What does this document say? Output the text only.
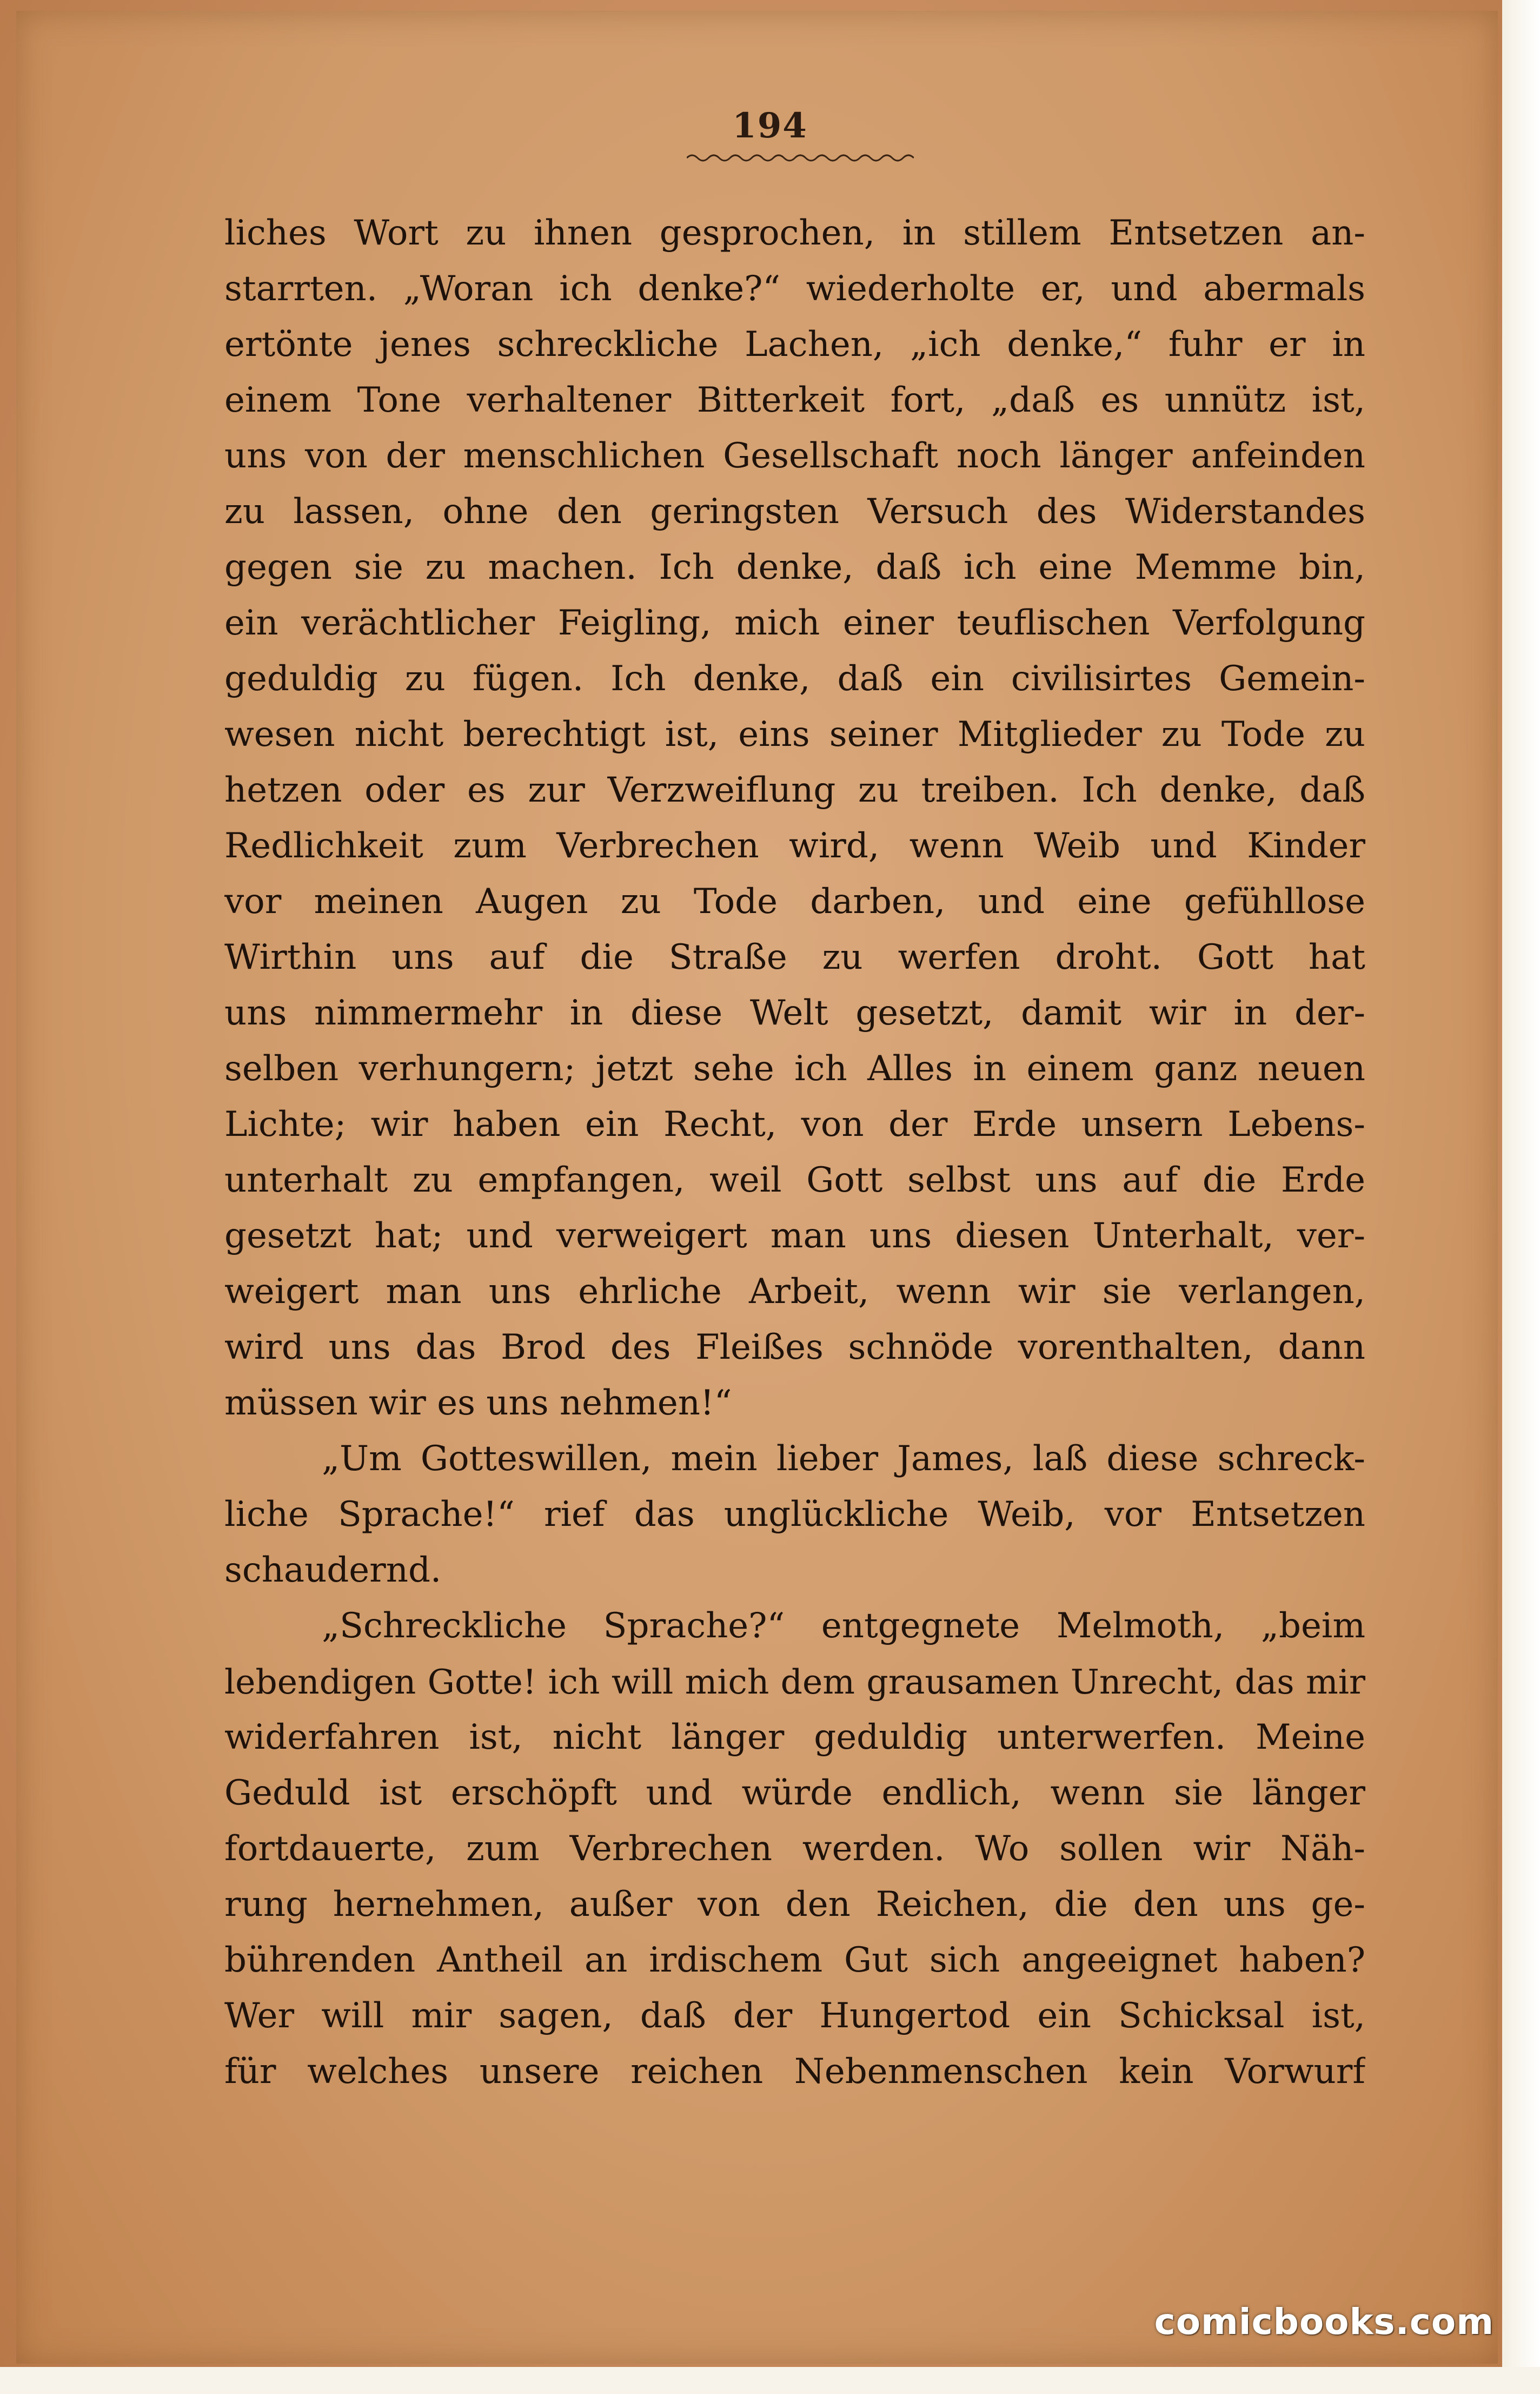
194
liches Wort zu ihnen gesprochen, in stillem Entsetzen an-
starrten. „Woran ich denke?“ wiederholte er, und abermals
ertönte jenes schreckliche Lachen, „ich denke,“ fuhr er in
einem Tone verhaltener Bitterkeit fort, „daß es unnütz ist,
uns von der menschlichen Gesellschaft noch länger anfeinden
zu lassen, ohne den geringsten Versuch des Widerstandes
gegen sie zu machen. Ich denke, daß ich eine Memme bin,
ein verächtlicher Feigling, mich einer teuflischen Verfolgung
geduldig zu fügen. Ich denke, daß ein civilisirtes Gemein-
wesen nicht berechtigt ist, eins seiner Mitglieder zu Tode zu
hetzen oder es zur Verzweiflung zu treiben. Ich denke, daß
Redlichkeit zum Verbrechen wird, wenn Weib und Kinder
vor meinen Augen zu Tode darben, und eine gefühllose
Wirthin uns auf die Straße zu werfen droht. Gott hat
uns nimmermehr in diese Welt gesetzt, damit wir in der-
selben verhungern; jetzt sehe ich Alles in einem ganz neuen
Lichte; wir haben ein Recht, von der Erde unsern Lebens-
unterhalt zu empfangen, weil Gott selbst uns auf die Erde
gesetzt hat; und verweigert man uns diesen Unterhalt, ver-
weigert man uns ehrliche Arbeit, wenn wir sie verlangen,
wird uns das Brod des Fleißes schnöde vorenthalten, dann
müssen wir es uns nehmen!“
„Um Gotteswillen, mein lieber James, laß diese schreck-
liche Sprache!“ rief das unglückliche Weib, vor Entsetzen
schaudernd.
„Schreckliche Sprache?“ entgegnete Melmoth, „beim
lebendigen Gotte! ich will mich dem grausamen Unrecht, das mir
widerfahren ist, nicht länger geduldig unterwerfen. Meine
Geduld ist erschöpft und würde endlich, wenn sie länger
fortdauerte, zum Verbrechen werden. Wo sollen wir Näh-
rung hernehmen, außer von den Reichen, die den uns ge-
bührenden Antheil an irdischem Gut sich angeeignet haben?
Wer will mir sagen, daß der Hungertod ein Schicksal ist,
für welches unsere reichen Nebenmenschen kein Vorwurf
comicbooks.com
